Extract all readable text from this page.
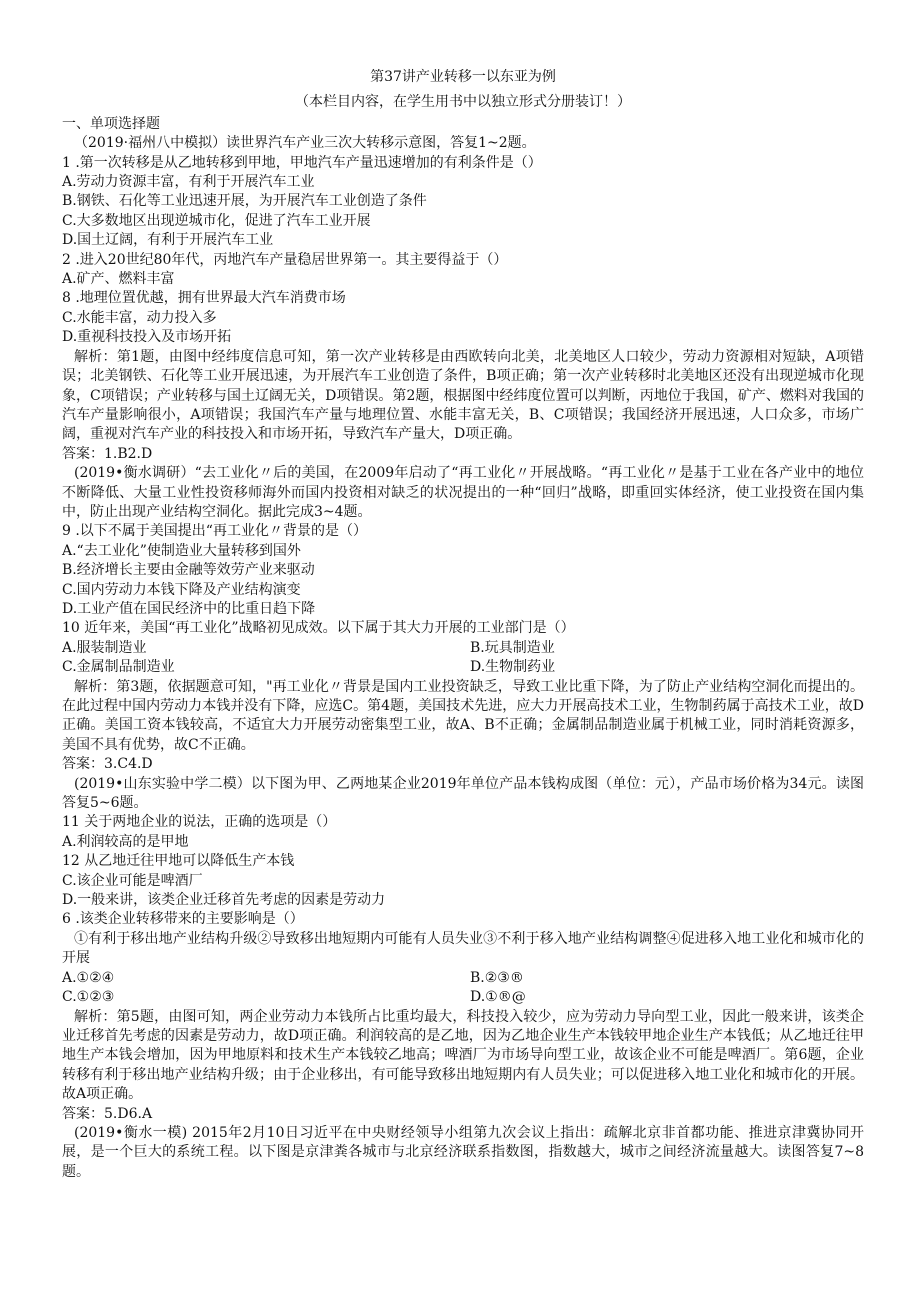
第37讲产业转移一以东亚为例

（本栏目内容，在学生用书中以独立形式分册装订！）

一、单项选择题

（2019·福州八中模拟）读世界汽车产业三次大转移示意图，答复1~2题。

1 .第一次转移是从乙地转移到甲地，甲地汽车产量迅速增加的有利条件是（）

A.劳动力资源丰富，有利于开展汽车工业

B.钢铁、石化等工业迅速开展，为开展汽车工业创造了条件

C.大多数地区出现逆城市化，促进了汽车工业开展

D.国土辽阔，有利于开展汽车工业

2 .进入20世纪80年代，丙地汽车产量稳居世界第一。其主要得益于（）

A.矿产、燃料丰富

8 .地理位置优越，拥有世界最大汽车消费市场

C.水能丰富，动力投入多

D.重视科技投入及市场开拓

解析：第1题，由图中经纬度信息可知，第一次产业转移是由西欧转向北美，北美地区人口较少，劳动力资源相对短缺，A项错误；北美钢铁、石化等工业开展迅速，为开展汽车工业创造了条件，B项正确；第一次产业转移时北美地区还没有出现逆城市化现象，C项错误；产业转移与国土辽阔无关，D项错误。第2题，根据图中经纬度位置可以判断，丙地位于我国，矿产、燃料对我国的汽车产量影响很小，A项错误；我国汽车产量与地理位置、水能丰富无关，B、C项错误；我国经济开展迅速，人口众多，市场广阔，重视对汽车产业的科技投入和市场开拓，导致汽车产量大，D项正确。

答案：1.B2.D

(2019•衡水调研）“去工业化〃后的美国，在2009年启动了“再工业化〃开展战略。“再工业化〃是基于工业在各产业中的地位不断降低、大量工业性投资移师海外而国内投资相对缺乏的状况提出的一种“回归”战略，即重回实体经济，使工业投资在国内集中，防止出现产业结构空洞化。据此完成3~4题。

9 .以下不属于美国提出“再工业化〃背景的是（）

A.“去工业化”使制造业大量转移到国外

B.经济增长主要由金融等效劳产业来驱动

C.国内劳动力本钱下降及产业结构演变

D.工业产值在国民经济中的比重日趋下降

10 近年来，美国“再工业化”战略初见成效。以下属于其大力开展的工业部门是（）

A.服装制造业	B.玩具制造业
C.金属制品制造业	D.生物制药业

解析：第3题，依据题意可知，"再工业化〃背景是国内工业投资缺乏，导致工业比重下降，为了防止产业结构空洞化而提出的。在此过程中国内劳动力本钱并没有下降，应选C。第4题，美国技术先进，应大力开展高技术工业，生物制药属于高技术工业，故D正确。美国工资本钱较高，不适宜大力开展劳动密集型工业，故A、B不正确；金属制品制造业属于机械工业，同时消耗资源多，美国不具有优势，故C不正确。

答案：3.C4.D

(2019•山东实验中学二模）以下图为甲、乙两地某企业2019年单位产品本钱构成图（单位：元），产品市场价格为34元。读图答复5~6题。

11 关于两地企业的说法，正确的选项是（）

A.利润较高的是甲地

12 从乙地迁往甲地可以降低生产本钱

C.该企业可能是啤酒厂

D.一般来讲，该类企业迁移首先考虑的因素是劳动力

6 .该类企业转移带来的主要影响是（）

①有利于移出地产业结构升级②导致移出地短期内可能有人员失业③不利于移入地产业结构调整④促进移入地工业化和城市化的开展

A.①②④	B.②③®
C.①②③	D.①®@

解析：第5题，由图可知，两企业劳动力本钱所占比重均最大，科技投入较少，应为劳动力导向型工业，因此一般来讲，该类企业迁移首先考虑的因素是劳动力，故D项正确。利润较高的是乙地，因为乙地企业生产本钱较甲地企业生产本钱低；从乙地迁往甲地生产本钱会增加，因为甲地原料和技术生产本钱较乙地高；啤酒厂为市场导向型工业，故该企业不可能是啤酒厂。第6题，企业转移有利于移出地产业结构升级；由于企业移出，有可能导致移出地短期内有人员失业；可以促进移入地工业化和城市化的开展。故A项正确。

答案：5.D6.A

(2019•衡水一模) 2015年2月10日习近平在中央财经领导小组第九次会议上指出：疏解北京非首都功能、推进京津冀协同开展，是一个巨大的系统工程。以下图是京津粪各城市与北京经济联系指数图，指数越大，城市之间经济流量越大。读图答复7~8题。
